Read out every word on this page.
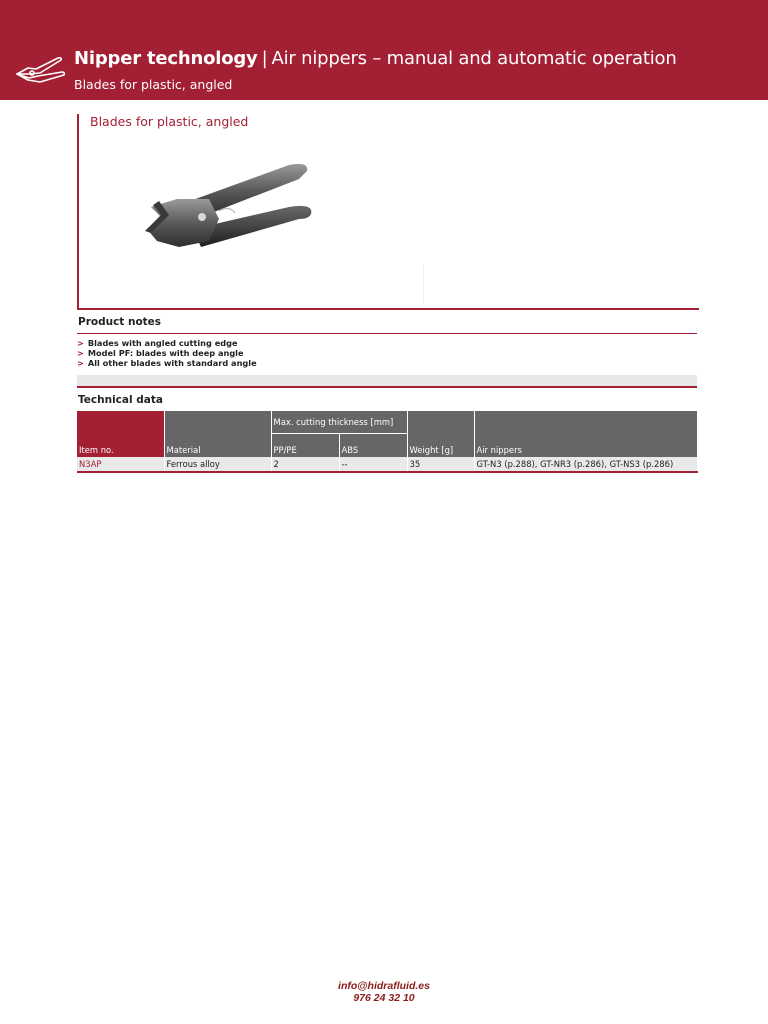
Nipper technology | Air nippers – manual and automatic operation
Blades for plastic, angled
Blades for plastic, angled
Product notes
> Blades with angled cutting edge
> Model PF: blades with deep angle
> All other blades with standard angle
Technical data
Item no.	Material	Max. cutting thickness [mm]		Weight [g]	Air nippers
		PP/PE	ABS		
N3AP	Ferrous alloy	2	--	35	GT-N3 (p.288), GT-NR3 (p.286), GT-NS3 (p.286)
info@hidrafluid.es
976 24 32 10
